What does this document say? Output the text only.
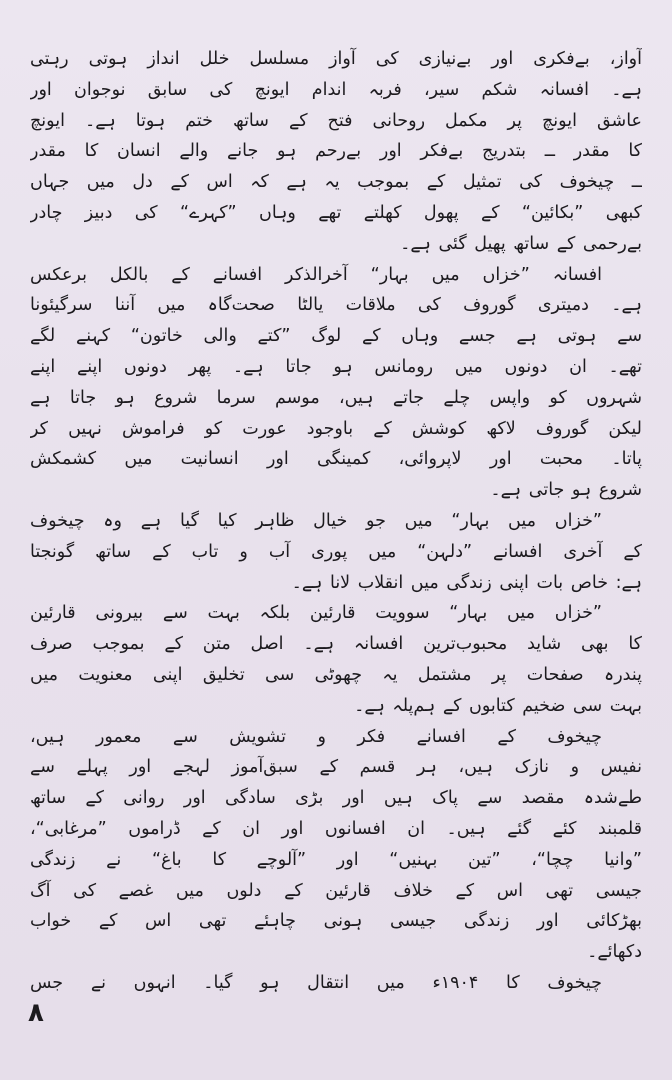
آواز، بےفکری اور بےنیازی کی آواز مسلسل خلل انداز ہوتی رہتی
ہے۔ افسانہ شکم سیر، فربہ اندام ایونچ کی سابق نوجوان اور
عاشق ایونچ پر مکمل روحانی فتح کے ساتھ ختم ہوتا ہے۔ ایونچ
کا مقدر ــ بتدریج بےفکر اور بےرحم ہو جانے والے انسان کا مقدر
ــ چیخوف کی تمثیل کے بموجب یہ ہے کہ اس کے دل میں جہاں
کبھی ”بکائین“ کے پھول کھلتے تھے وہاں ”کہرے“ کی دبیز چادر
بےرحمی کے ساتھ پھیل گئی ہے۔
افسانہ ”خزاں میں بہار“ آخرالذکر افسانے کے بالکل برعکس
ہے۔ دمیتری گوروف کی ملاقات یالٹا صحت‌گاہ میں آننا سرگیئونا
سے ہوتی ہے جسے وہاں کے لوگ ”کتے والی خاتون“ کہنے لگے
تھے۔ ان دونوں میں رومانس ہو جاتا ہے۔ پھر دونوں اپنے اپنے
شہروں کو واپس چلے جاتے ہیں، موسم سرما شروع ہو جاتا ہے
لیکن گوروف لاکھ کوشش کے باوجود عورت کو فراموش نہیں کر
پاتا۔ محبت اور لاپروائی، کمینگی اور انسانیت میں کشمکش
شروع ہو جاتی ہے۔
”خزاں میں بہار“ میں جو خیال ظاہر کیا گیا ہے وہ چیخوف
کے آخری افسانے ”دلہن“ میں پوری آب و تاب کے ساتھ گونجتا
ہے: خاص بات اپنی زندگی میں انقلاب لانا ہے۔
”خزاں میں بہار“ سوویت قارئین بلکہ بہت سے بیرونی قارئین
کا بھی شاید محبوب‌ترین افسانہ ہے۔ اصل متن کے بموجب صرف
پندرہ صفحات پر مشتمل یہ چھوٹی سی تخلیق اپنی معنویت میں
بہت سی ضخیم کتابوں کے ہم‌پلہ ہے۔
چیخوف کے افسانے فکر و تشویش سے معمور ہیں،
نفیس و نازک ہیں، ہر قسم کے سبق‌آموز لہجے اور پہلے سے
طےشدہ مقصد سے پاک ہیں اور بڑی سادگی اور روانی کے ساتھ
قلمبند کئے گئے ہیں۔ ان افسانوں اور ان کے ڈراموں ”مرغابی“،
”وانیا چچا“، ”تین بہنیں“ اور ”آلوچے کا باغ“ نے زندگی
جیسی تھی اس کے خلاف قارئین کے دلوں میں غصے کی آگ
بھڑکائی اور زندگی جیسی ہونی چاہئے تھی اس کے خواب
دکھائے۔
چیخوف کا ۱۹۰۴ء میں انتقال ہو گیا۔ انہوں نے جس
۸
